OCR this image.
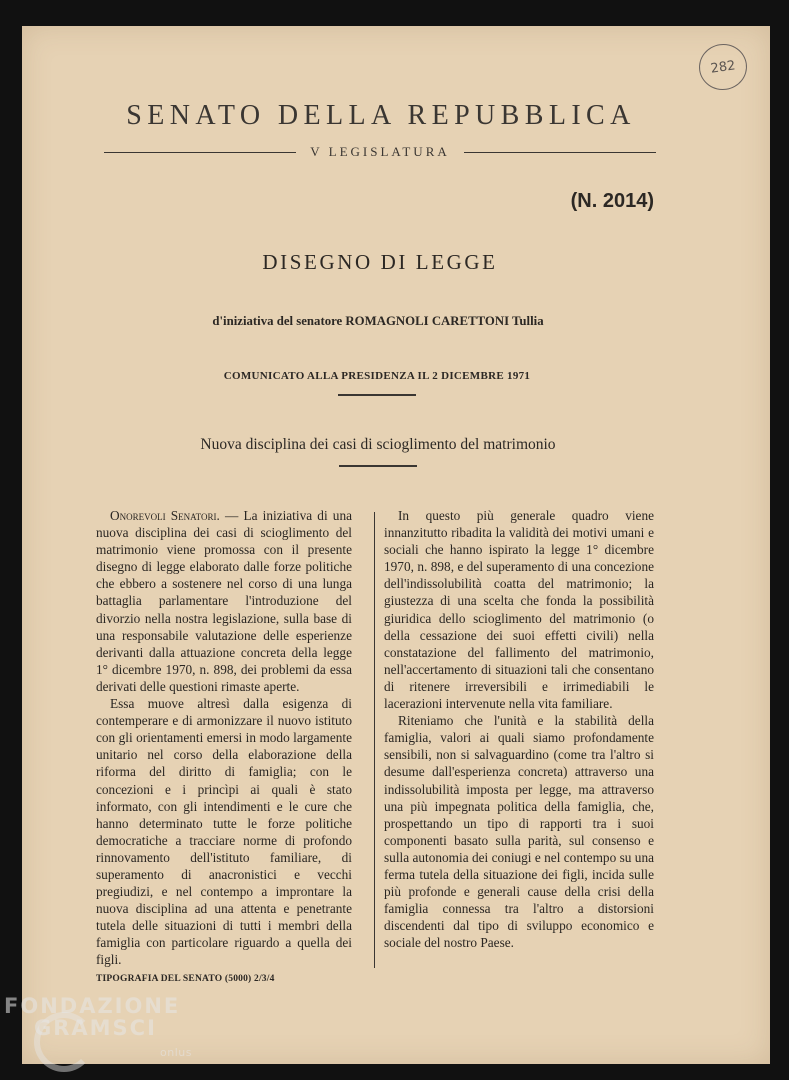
282
SENATO DELLA REPUBBLICA
V LEGISLATURA
(N. 2014)
DISEGNO DI LEGGE
d'iniziativa del senatore ROMAGNOLI CARETTONI Tullia
COMUNICATO ALLA PRESIDENZA IL 2 DICEMBRE 1971
Nuova disciplina dei casi di scioglimento del matrimonio

Onorevoli Senatori. — La iniziativa di una nuova disciplina dei casi di scioglimento del matrimonio viene promossa con il presente disegno di legge elaborato dalle forze politiche che ebbero a sostenere nel corso di una lunga battaglia parlamentare l'introduzione del divorzio nella nostra legislazione, sulla base di una responsabile valutazione delle esperienze derivanti dalla attuazione concreta della legge 1° dicembre 1970, n. 898, dei problemi da essa derivati delle questioni rimaste aperte.

Essa muove altresì dalla esigenza di contemperare e di armonizzare il nuovo istituto con gli orientamenti emersi in modo largamente unitario nel corso della elaborazione della riforma del diritto di famiglia; con le concezioni e i princìpi ai quali è stato informato, con gli intendimenti e le cure che hanno determinato tutte le forze politiche democratiche a tracciare norme di profondo rinnovamento dell'istituto familiare, di superamento di anacronistici e vecchi pregiudizi, e nel contempo a improntare la nuova disciplina ad una attenta e penetrante tutela delle situazioni di tutti i membri della famiglia con particolare riguardo a quella dei figli.

In questo più generale quadro viene innanzitutto ribadita la validità dei motivi umani e sociali che hanno ispirato la legge 1° dicembre 1970, n. 898, e del superamento di una concezione dell'indissolubilità coatta del matrimonio; la giustezza di una scelta che fonda la possibilità giuridica dello scioglimento del matrimonio (o della cessazione dei suoi effetti civili) nella constatazione del fallimento del matrimonio, nell'accertamento di situazioni tali che consentano di ritenere irreversibili e irrimediabili le lacerazioni intervenute nella vita familiare.

Riteniamo che l'unità e la stabilità della famiglia, valori ai quali siamo profondamente sensibili, non si salvaguardino (come tra l'altro si desume dall'esperienza concreta) attraverso una indissolubilità imposta per legge, ma attraverso una più impegnata politica della famiglia, che, prospettando un tipo di rapporti tra i suoi componenti basato sulla parità, sul consenso e sulla autonomia dei coniugi e nel contempo su una ferma tutela della situazione dei figli, incida sulle più profonde e generali cause della crisi della famiglia connessa tra l'altro a distorsioni discendenti dal tipo di sviluppo economico e sociale del nostro Paese.

TIPOGRAFIA DEL SENATO (5000) 2/3/4
FONDAZIONE
GRAMSCI
onlus
